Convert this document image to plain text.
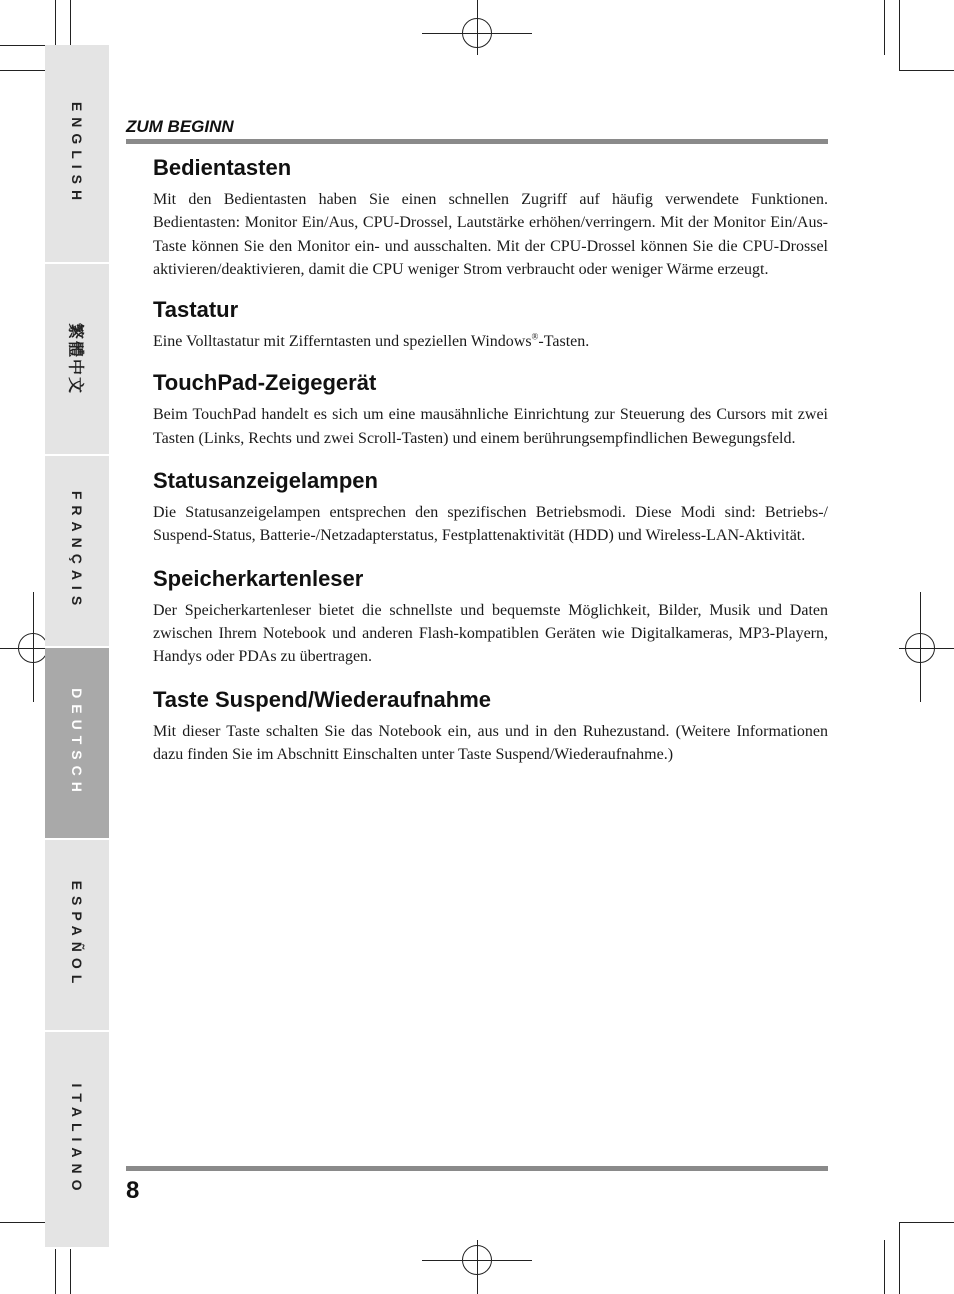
ENGLISH
繁體中文
FRANÇAIS
DEUTSCH
ESPAÑOL
ITALIANO
ZUM BEGINN
Bedientasten

Mit den Bedientasten haben Sie einen schnellen Zugriff auf häufig verwendete Funktionen. Bedientasten: Monitor Ein/Aus, CPU-Drossel, Lautstärke erhöhen/verringern. Mit der Monitor Ein/Aus-Taste können Sie den Monitor ein- und ausschalten. Mit der CPU-Drossel können Sie die CPU-Drossel aktivieren/deaktivieren, damit die CPU weniger Strom verbraucht oder weniger Wärme erzeugt.

Tastatur

Eine Volltastatur mit Zifferntasten und speziellen Windows®-Tasten.

TouchPad-Zeigegerät

Beim TouchPad handelt es sich um eine mausähnliche Einrichtung zur Steuerung des Cursors mit zwei Tasten (Links, Rechts und zwei Scroll-Tasten) und einem berührungsempfindlichen Bewegungsfeld.

Statusanzeigelampen

Die Statusanzeigelampen entsprechen den spezifischen Betriebsmodi. Diese Modi sind: Betriebs-/ Suspend-Status, Batterie-/Netzadapterstatus, Festplattenaktivität (HDD) und Wireless-LAN-Aktivität.

Speicherkartenleser

Der Speicherkartenleser bietet die schnellste und bequemste Möglichkeit, Bilder, Musik und Daten zwischen Ihrem Notebook und anderen Flash-kompatiblen Geräten wie Digitalkameras, MP3-Playern, Handys oder PDAs zu übertragen.

Taste Suspend/Wiederaufnahme

Mit dieser Taste schalten Sie das Notebook ein, aus und in den Ruhezustand. (Weitere Informationen dazu finden Sie im Abschnitt Einschalten unter Taste Suspend/Wiederaufnahme.)

8
